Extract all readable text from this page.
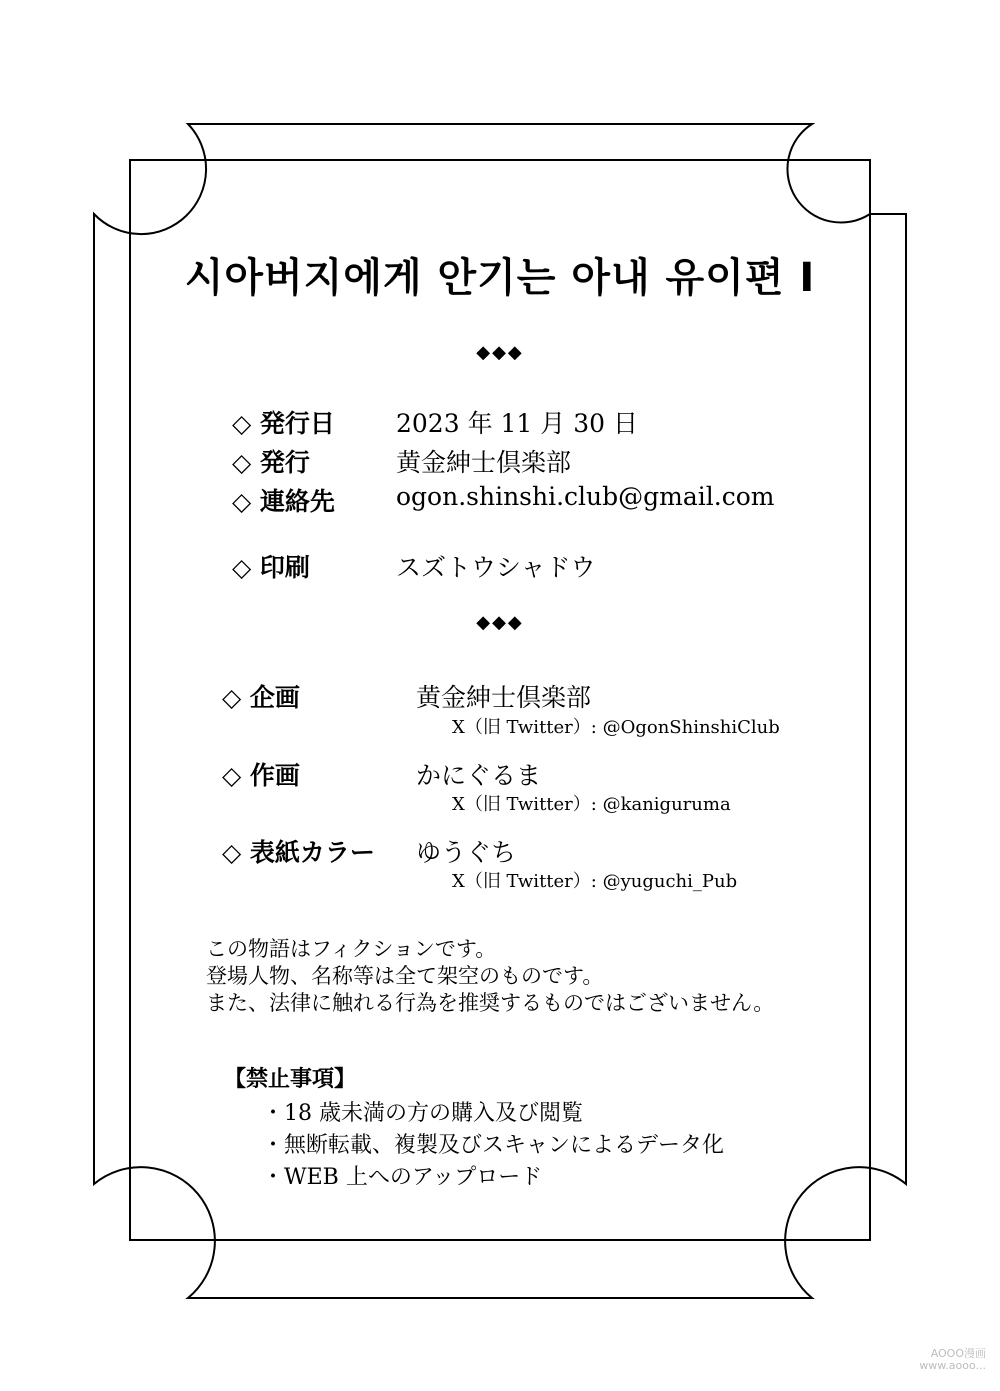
시아버지에게 안기는 아내 유이편 Ⅰ
◆◆◆
◇ 発行日 2023 年 11 月 30 日
◇ 発行	黄金紳士倶楽部
◇ 連絡先 ogon.shinshi.club@gmail.com
◇ 印刷	スズトウシャドウ
◆◆◆
◇ 企画	黄金紳士倶楽部
X（旧 Twitter）: @OgonShinshiClub
◇ 作画	かにぐるま
X（旧 Twitter）: @kaniguruma
◇ 表紙カラー ゆうぐち
X（旧 Twitter）: @yuguchi_Pub
この物語はフィクションです。
登場人物、名称等は全て架空のものです。
また、法律に触れる行為を推奨するものではございません。
【禁止事項】
・18 歳未満の方の購入及び閲覧
・無断転載、複製及びスキャンによるデータ化
・WEB 上へのアップロード
AOOO漫画
www.aooo...
